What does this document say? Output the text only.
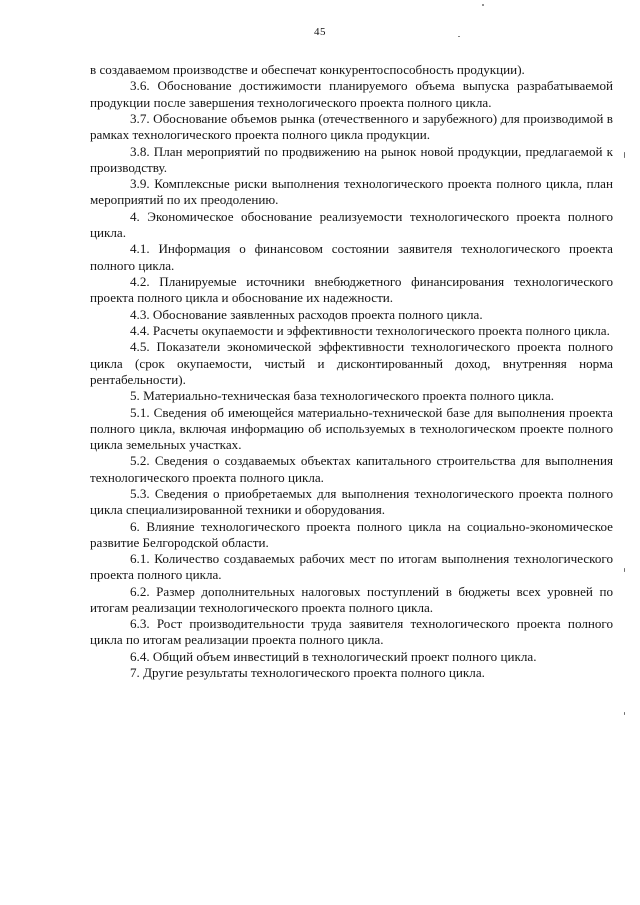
45

в создаваемом производстве и обеспечат конкурентоспособность продукции).

3.6. Обоснование достижимости планируемого объема выпуска разрабатываемой продукции после завершения технологического проекта полного цикла.

3.7. Обоснование объемов рынка (отечественного и зарубежного) для производимой в рамках технологического проекта полного цикла продукции.

3.8. План мероприятий по продвижению на рынок новой продукции, предлагаемой к производству.

3.9. Комплексные риски выполнения технологического проекта полного цикла, план мероприятий по их преодолению.

4. Экономическое обоснование реализуемости технологического проекта полного цикла.

4.1. Информация о финансовом состоянии заявителя технологического проекта полного цикла.

4.2. Планируемые источники внебюджетного финансирования технологического проекта полного цикла и обоснование их надежности.

4.3. Обоснование заявленных расходов проекта полного цикла.

4.4. Расчеты окупаемости и эффективности технологического проекта полного цикла.

4.5. Показатели экономической эффективности технологического проекта полного цикла (срок окупаемости, чистый и дисконтированный доход, внутренняя норма рентабельности).

5. Материально-техническая база технологического проекта полного цикла.

5.1. Сведения об имеющейся материально-технической базе для выполнения проекта полного цикла, включая информацию об используемых в технологическом проекте полного цикла земельных участках.

5.2. Сведения о создаваемых объектах капитального строительства для выполнения технологического проекта полного цикла.

5.3. Сведения о приобретаемых для выполнения технологического проекта полного цикла специализированной техники и оборудования.

6. Влияние технологического проекта полного цикла на социально-экономическое развитие Белгородской области.

6.1. Количество создаваемых рабочих мест по итогам выполнения технологического проекта полного цикла.

6.2. Размер дополнительных налоговых поступлений в бюджеты всех уровней по итогам реализации технологического проекта полного цикла.

6.3. Рост производительности труда заявителя технологического проекта полного цикла по итогам реализации проекта полного цикла.

6.4. Общий объем инвестиций в технологический проект полного цикла.

7. Другие результаты технологического проекта полного цикла.
